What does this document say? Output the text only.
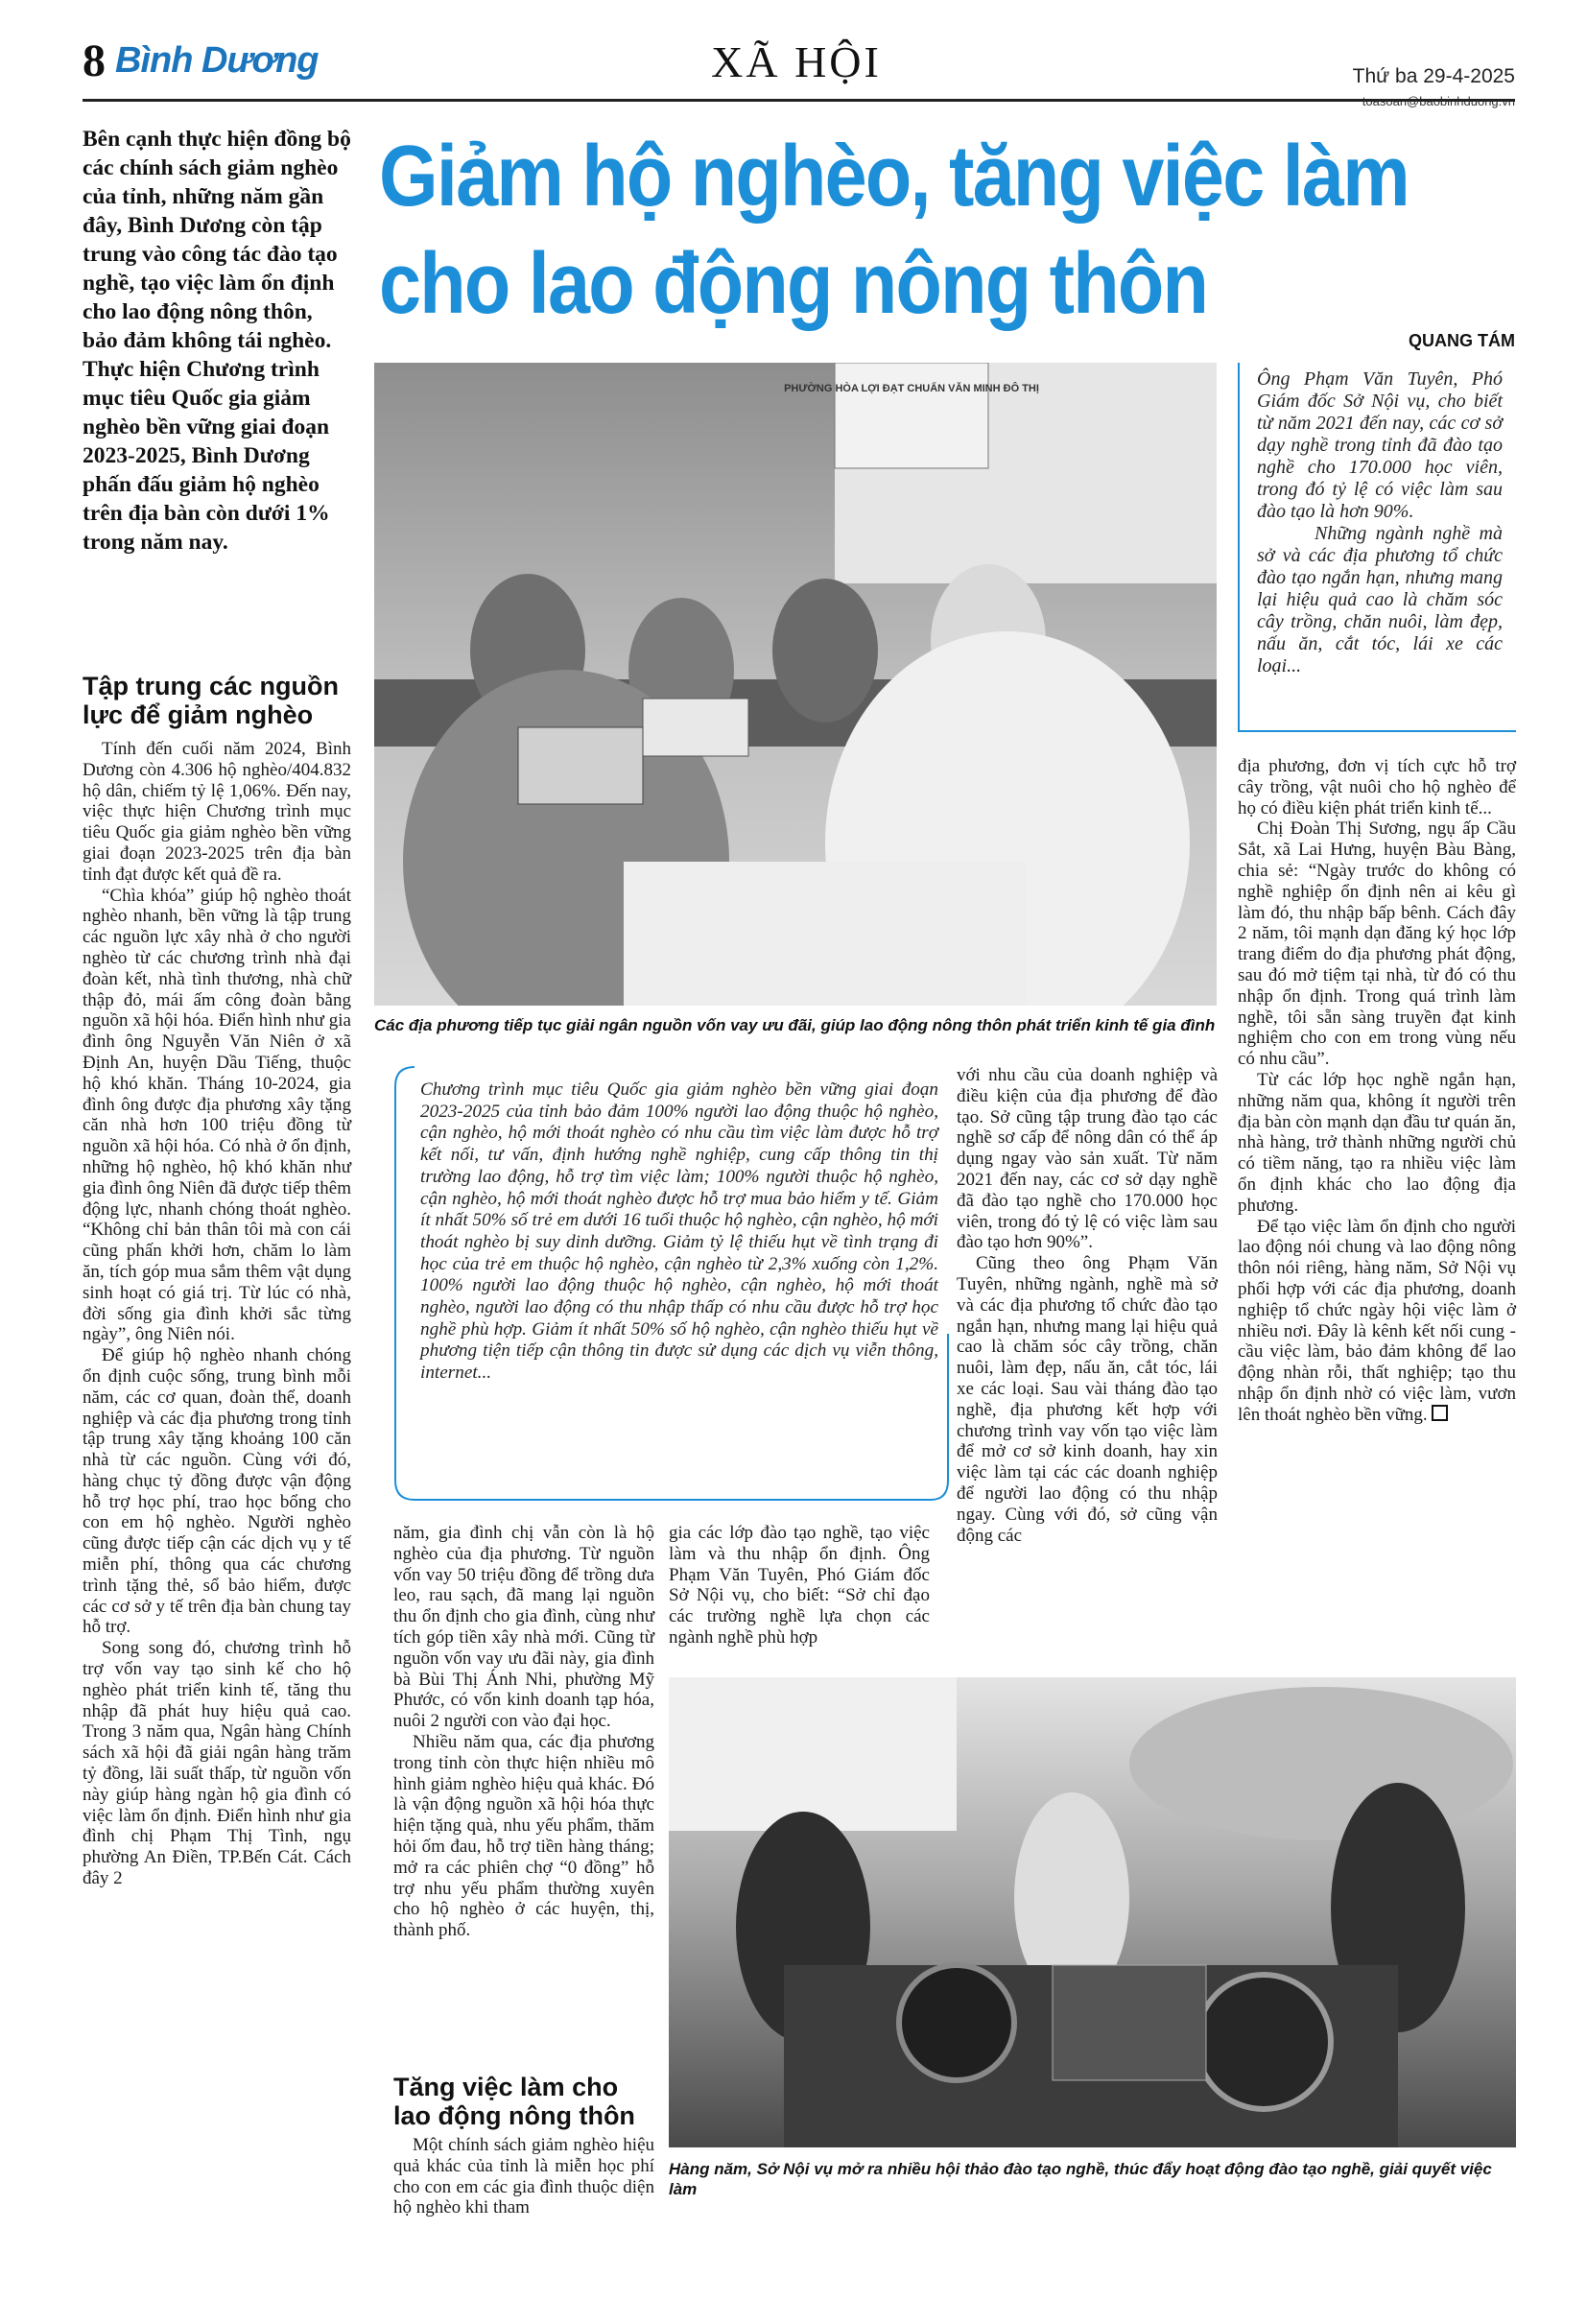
8 Bình Dương	XÃ HỘI	Thứ ba 29-4-2025
Giảm hộ nghèo, tăng việc làm
cho lao động nông thôn
QUANG TÁM
Bên cạnh thực hiện đồng bộ các chính sách giảm nghèo của tỉnh, những năm gần đây, Bình Dương còn tập trung vào công tác đào tạo nghề, tạo việc làm ổn định cho lao động nông thôn, bảo đảm không tái nghèo. Thực hiện Chương trình mục tiêu Quốc gia giảm nghèo bền vững giai đoạn 2023-2025, Bình Dương phấn đấu giảm hộ nghèo trên địa bàn còn dưới 1% trong năm nay.
Tập trung các nguồn lực để giảm nghèo

Tính đến cuối năm 2024, Bình Dương còn 4.306 hộ nghèo/404.832 hộ dân, chiếm tỷ lệ 1,06%. Đến nay, việc thực hiện Chương trình mục tiêu Quốc gia giảm nghèo bền vững giai đoạn 2023-2025 trên địa bàn tỉnh đạt được kết quả đề ra.

“Chìa khóa” giúp hộ nghèo thoát nghèo nhanh, bền vững là tập trung các nguồn lực xây nhà ở cho người nghèo từ các chương trình nhà đại đoàn kết, nhà tình thương, nhà chữ thập đỏ, mái ấm công đoàn bằng nguồn xã hội hóa. Điển hình như gia đình ông Nguyễn Văn Niên ở xã Định An, huyện Dầu Tiếng, thuộc hộ khó khăn. Tháng 10-2024, gia đình ông được địa phương xây tặng căn nhà hơn 100 triệu đồng từ nguồn xã hội hóa. Có nhà ở ổn định, những hộ nghèo, hộ khó khăn như gia đình ông Niên đã được tiếp thêm động lực, nhanh chóng thoát nghèo. “Không chỉ bản thân tôi mà con cái cũng phấn khởi hơn, chăm lo làm ăn, tích góp mua sắm thêm vật dụng sinh hoạt có giá trị. Từ lúc có nhà, đời sống gia đình khởi sắc từng ngày”, ông Niên nói.

Để giúp hộ nghèo nhanh chóng ổn định cuộc sống, trung bình mỗi năm, các cơ quan, đoàn thể, doanh nghiệp và các địa phương trong tỉnh tập trung xây tặng khoảng 100 căn nhà từ các nguồn. Cùng với đó, hàng chục tỷ đồng được vận động hỗ trợ học phí, trao học bổng cho con em hộ nghèo. Người nghèo cũng được tiếp cận các dịch vụ y tế miễn phí, thông qua các chương trình tặng thẻ, sổ bảo hiểm, được các cơ sở y tế trên địa bàn chung tay hỗ trợ.

Song song đó, chương trình hỗ trợ vốn vay tạo sinh kế cho hộ nghèo phát triển kinh tế, tăng thu nhập đã phát huy hiệu quả cao. Trong 3 năm qua, Ngân hàng Chính sách xã hội đã giải ngân hàng trăm tỷ đồng, lãi suất thấp, từ nguồn vốn này giúp hàng ngàn hộ gia đình có việc làm ổn định. Điển hình như gia đình chị Phạm Thị Tình, ngụ phường An Điền, TP.Bến Cát. Cách đây 2

PHƯỜNG HÒA LỢI ĐẠT CHUẨN VĂN MINH ĐÔ THỊ
Các địa phương tiếp tục giải ngân nguồn vốn vay ưu đãi, giúp lao động nông thôn phát triển kinh tế gia đình
Ông Phạm Văn Tuyên, Phó Giám đốc Sở Nội vụ, cho biết từ năm 2021 đến nay, các cơ sở dạy nghề trong tỉnh đã đào tạo nghề cho 170.000 học viên, trong đó tỷ lệ có việc làm sau đào tạo là hơn 90%.
Những ngành nghề mà sở và các địa phương tổ chức đào tạo ngắn hạn, nhưng mang lại hiệu quả cao là chăm sóc cây trồng, chăn nuôi, làm đẹp, nấu ăn, cắt tóc, lái xe các loại...
Chương trình mục tiêu Quốc gia giảm nghèo bền vững giai đoạn 2023-2025 của tỉnh bảo đảm 100% người lao động thuộc hộ nghèo, cận nghèo, hộ mới thoát nghèo có nhu cầu tìm việc làm được hỗ trợ kết nối, tư vấn, định hướng nghề nghiệp, cung cấp thông tin thị trường lao động, hỗ trợ tìm việc làm; 100% người thuộc hộ nghèo, cận nghèo, hộ mới thoát nghèo được hỗ trợ mua bảo hiểm y tế. Giảm ít nhất 50% số trẻ em dưới 16 tuổi thuộc hộ nghèo, cận nghèo, hộ mới thoát nghèo bị suy dinh dưỡng. Giảm tỷ lệ thiếu hụt về tình trạng đi học của trẻ em thuộc hộ nghèo, cận nghèo từ 2,3% xuống còn 1,2%. 100% người lao động thuộc hộ nghèo, cận nghèo, hộ mới thoát nghèo, người lao động có thu nhập thấp có nhu cầu được hỗ trợ học nghề phù hợp. Giảm ít nhất 50% số hộ nghèo, cận nghèo thiếu hụt về phương tiện tiếp cận thông tin được sử dụng các dịch vụ viễn thông, internet...

năm, gia đình chị vẫn còn là hộ nghèo của địa phương. Từ nguồn vốn vay 50 triệu đồng để trồng dưa leo, rau sạch, đã mang lại nguồn thu ổn định cho gia đình, cùng như tích góp tiền xây nhà mới. Cũng từ nguồn vốn vay ưu đãi này, gia đình bà Bùi Thị Ánh Nhi, phường Mỹ Phước, có vốn kinh doanh tạp hóa, nuôi 2 người con vào đại học.

Nhiều năm qua, các địa phương trong tỉnh còn thực hiện nhiều mô hình giảm nghèo hiệu quả khác. Đó là vận động nguồn xã hội hóa thực hiện tặng quà, nhu yếu phẩm, thăm hỏi ốm đau, hỗ trợ tiền hàng tháng; mở ra các phiên chợ “0 đồng” hỗ trợ nhu yếu phẩm thường xuyên cho hộ nghèo ở các huyện, thị, thành phố.

Tăng việc làm cho lao động nông thôn

Một chính sách giảm nghèo hiệu quả khác của tỉnh là miễn học phí cho con em các gia đình thuộc diện hộ nghèo khi tham

gia các lớp đào tạo nghề, tạo việc làm và thu nhập ổn định. Ông Phạm Văn Tuyên, Phó Giám đốc Sở Nội vụ, cho biết: “Sở chỉ đạo các trường nghề lựa chọn các ngành nghề phù hợp

với nhu cầu của doanh nghiệp và điều kiện của địa phương để đào tạo. Sở cũng tập trung đào tạo các nghề sơ cấp để nông dân có thể áp dụng ngay vào sản xuất. Từ năm 2021 đến nay, các cơ sở dạy nghề đã đào tạo nghề cho 170.000 học viên, trong đó tỷ lệ có việc làm sau đào tạo hơn 90%”.

Cũng theo ông Phạm Văn Tuyên, những ngành, nghề mà sở và các địa phương tổ chức đào tạo ngắn hạn, nhưng mang lại hiệu quả cao là chăm sóc cây trồng, chăn nuôi, làm đẹp, nấu ăn, cắt tóc, lái xe các loại. Sau vài tháng đào tạo nghề, địa phương kết hợp với chương trình vay vốn tạo việc làm để mở cơ sở kinh doanh, hay xin việc làm tại các các doanh nghiệp để người lao động có thu nhập ngay. Cùng với đó, sở cũng vận động các

địa phương, đơn vị tích cực hỗ trợ cây trồng, vật nuôi cho hộ nghèo để họ có điều kiện phát triển kinh tế...

Chị Đoàn Thị Sương, ngụ ấp Cầu Sắt, xã Lai Hưng, huyện Bàu Bàng, chia sẻ: “Ngày trước do không có nghề nghiệp ổn định nên ai kêu gì làm đó, thu nhập bấp bênh. Cách đây 2 năm, tôi mạnh dạn đăng ký học lớp trang điểm do địa phương phát động, sau đó mở tiệm tại nhà, từ đó có thu nhập ổn định. Trong quá trình làm nghề, tôi sẵn sàng truyền đạt kinh nghiệm cho con em trong vùng nếu có nhu cầu”.

Từ các lớp học nghề ngắn hạn, những năm qua, không ít người trên địa bàn còn mạnh dạn đầu tư quán ăn, nhà hàng, trở thành những người chủ có tiềm năng, tạo ra nhiều việc làm ổn định khác cho lao động địa phương.

Để tạo việc làm ổn định cho người lao động nói chung và lao động nông thôn nói riêng, hàng năm, Sở Nội vụ phối hợp với các địa phương, doanh nghiệp tổ chức ngày hội việc làm ở nhiều nơi. Đây là kênh kết nối cung - cầu việc làm, bảo đảm không để lao động nhàn rỗi, thất nghiệp; tạo thu nhập ổn định nhờ có việc làm, vươn lên thoát nghèo bền vững.

Hàng năm, Sở Nội vụ mở ra nhiều hội thảo đào tạo nghề, thúc đẩy hoạt động đào tạo nghề, giải quyết việc làm
